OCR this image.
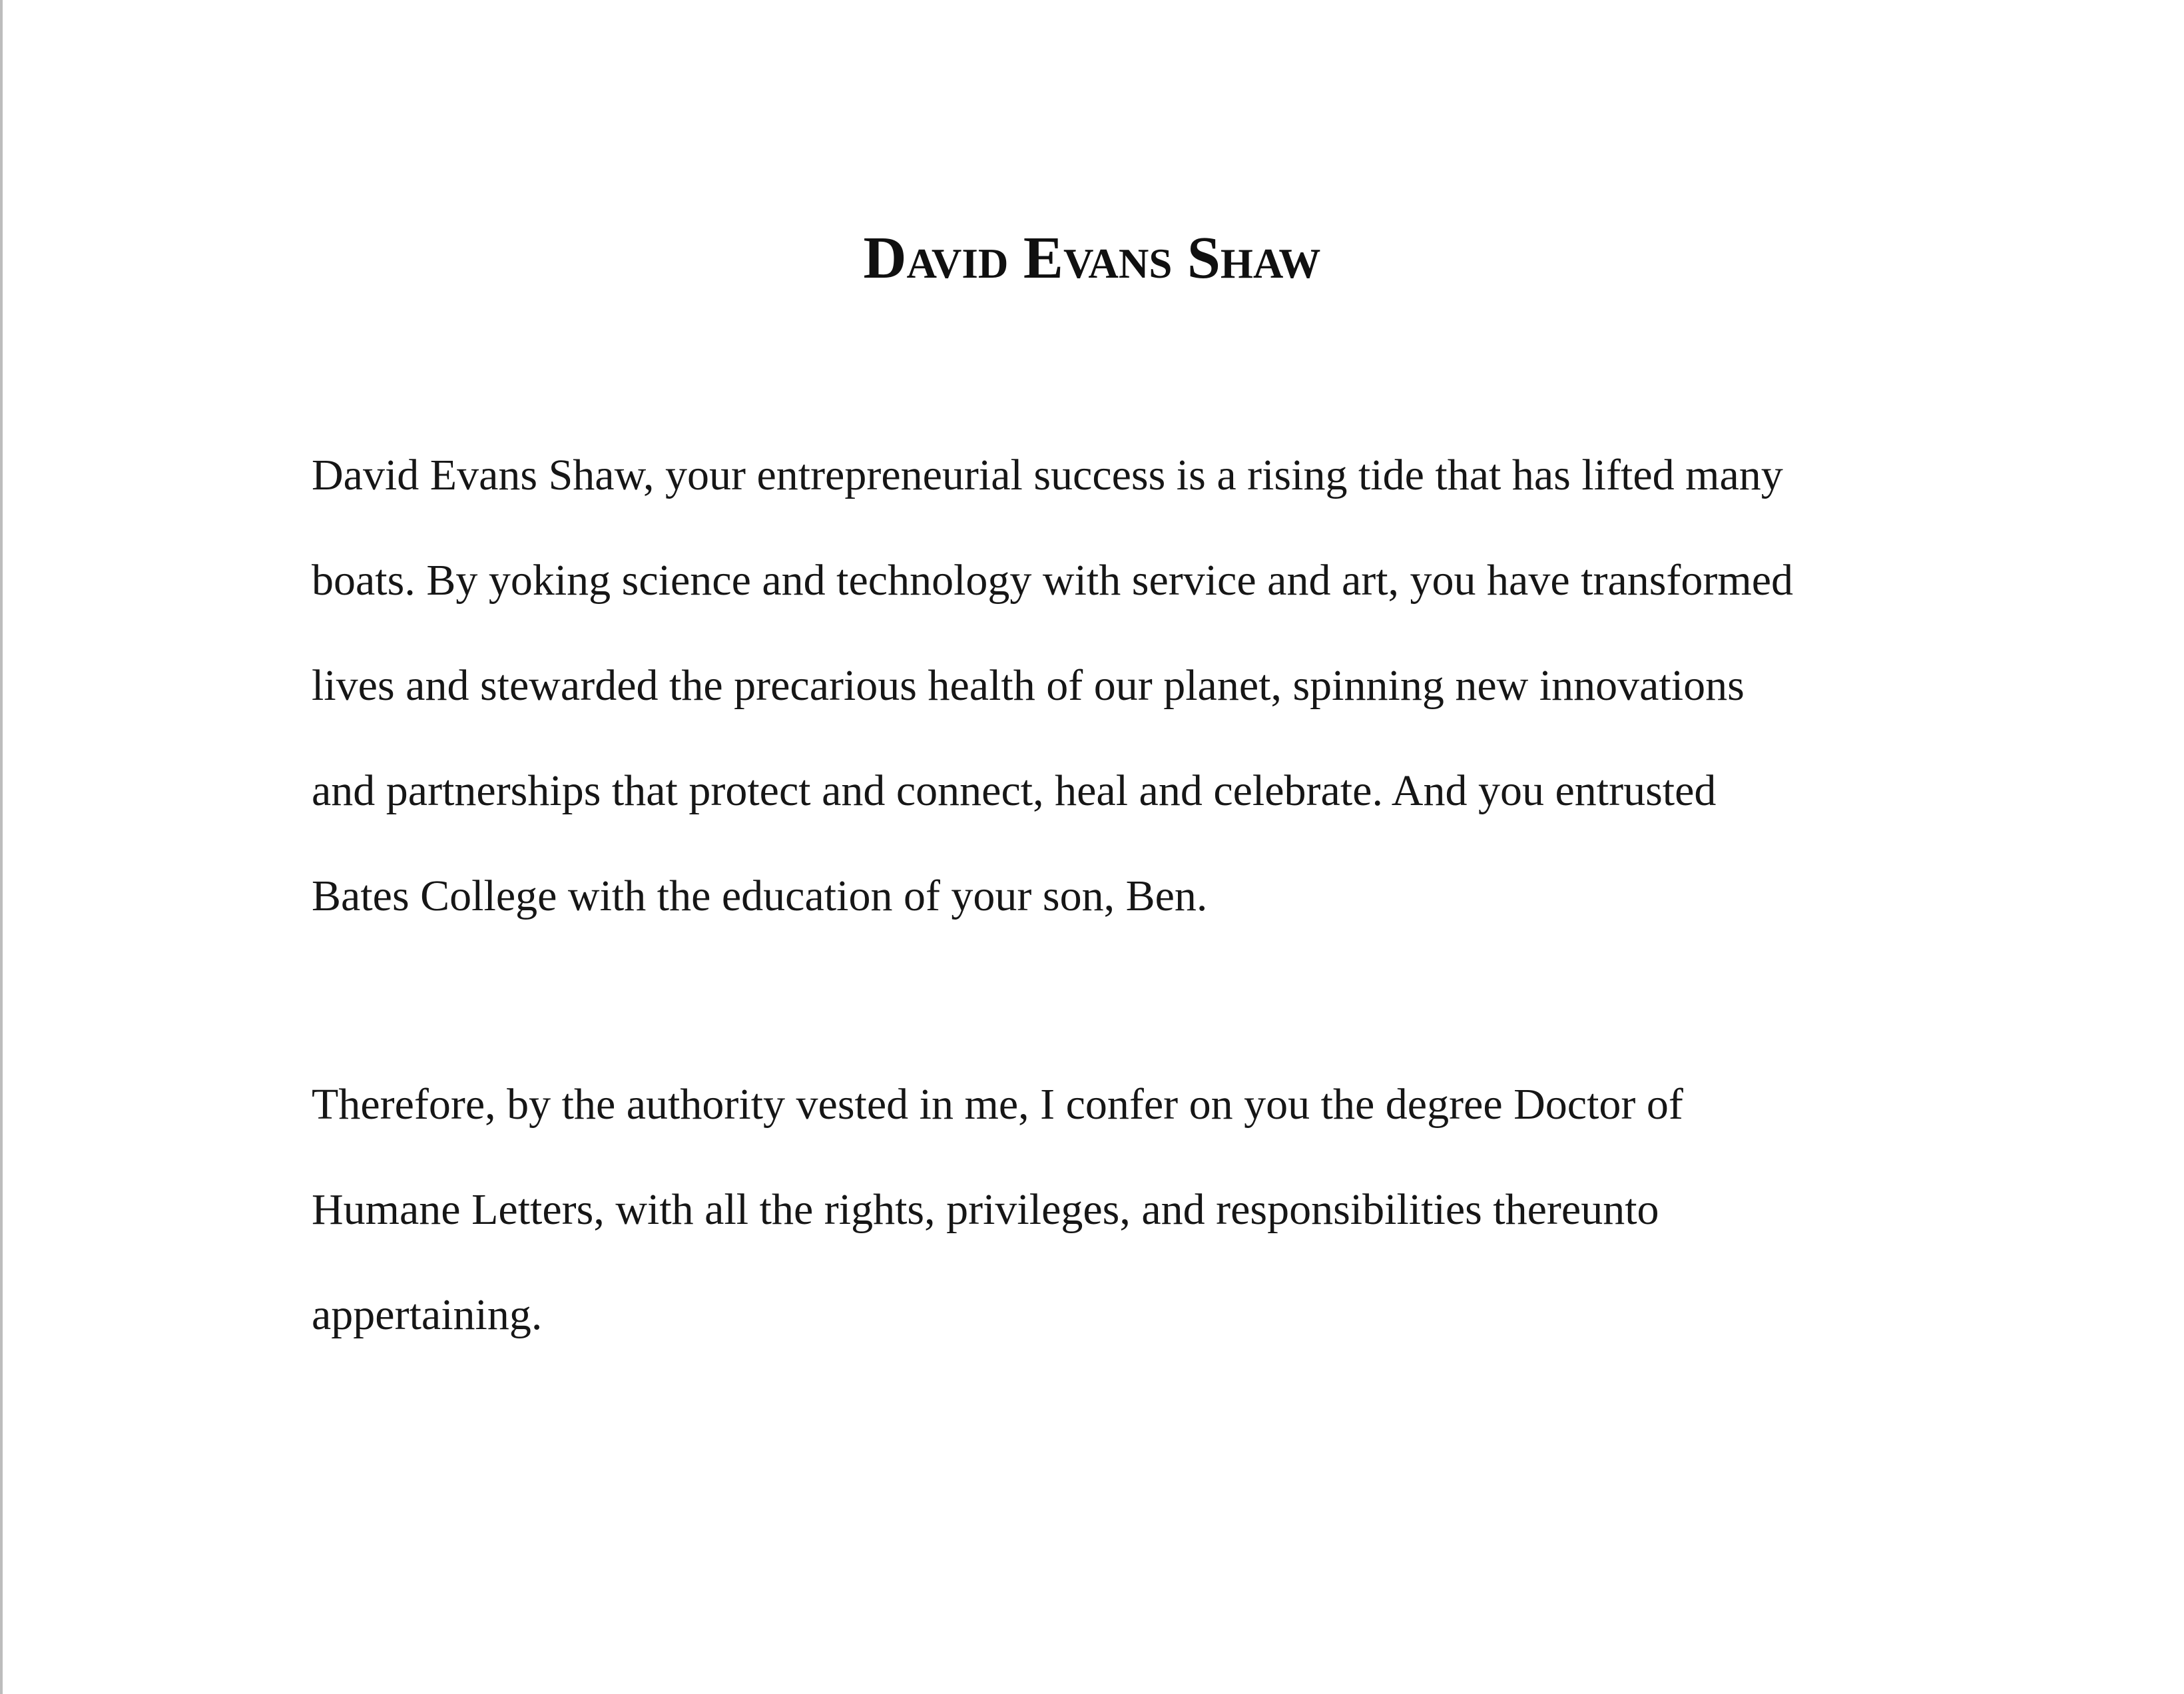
David Evans Shaw

David Evans Shaw, your entrepreneurial success is a rising tide that has lifted many
boats. By yoking science and technology with service and art, you have transformed
lives and stewarded the precarious health of our planet, spinning new innovations
and partnerships that protect and connect, heal and celebrate. And you entrusted
Bates College with the education of your son, Ben.

Therefore, by the authority vested in me, I confer on you the degree Doctor of
Humane Letters, with all the rights, privileges, and responsibilities thereunto
appertaining.
